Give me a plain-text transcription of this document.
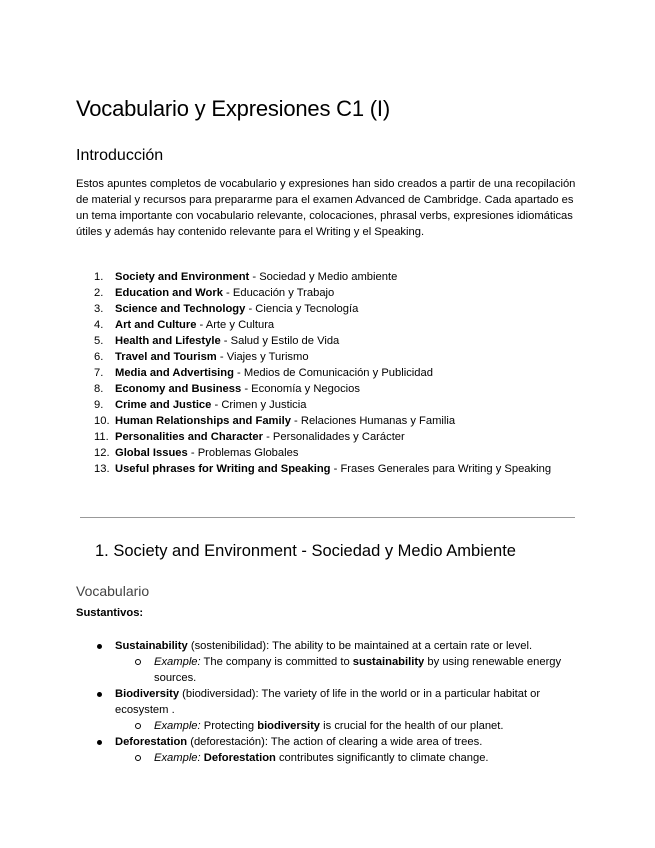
Vocabulario y Expresiones C1 (I)
Introducción

Estos apuntes completos de vocabulario y expresiones han sido creados a partir de una recopilación de material y recursos para prepararme para el examen Advanced de Cambridge. Cada apartado es un tema importante con vocabulario relevante, colocaciones, phrasal verbs, expresiones idiomáticas útiles y además hay contenido relevante para el Writing y el Speaking.

1. Society and Environment - Sociedad y Medio ambiente
2. Education and Work - Educación y Trabajo
3. Science and Technology - Ciencia y Tecnología
4. Art and Culture - Arte y Cultura
5. Health and Lifestyle - Salud y Estilo de Vida
6. Travel and Tourism - Viajes y Turismo
7. Media and Advertising - Medios de Comunicación y Publicidad
8. Economy and Business - Economía y Negocios
9. Crime and Justice - Crimen y Justicia
10. Human Relationships and Family - Relaciones Humanas y Familia
11. Personalities and Character - Personalidades y Carácter
12. Global Issues - Problemas Globales
13. Useful phrases for Writing and Speaking - Frases Generales para Writing y Speaking
1. Society and Environment - Sociedad y Medio Ambiente
Vocabulario

Sustantivos:

Sustainability (sostenibilidad): The ability to be maintained at a certain rate or level.
Example: The company is committed to sustainability by using renewable energy sources.
Biodiversity (biodiversidad): The variety of life in the world or in a particular habitat or ecosystem .
Example: Protecting biodiversity is crucial for the health of our planet.
Deforestation (deforestación): The action of clearing a wide area of trees.
Example: Deforestation contributes significantly to climate change.
